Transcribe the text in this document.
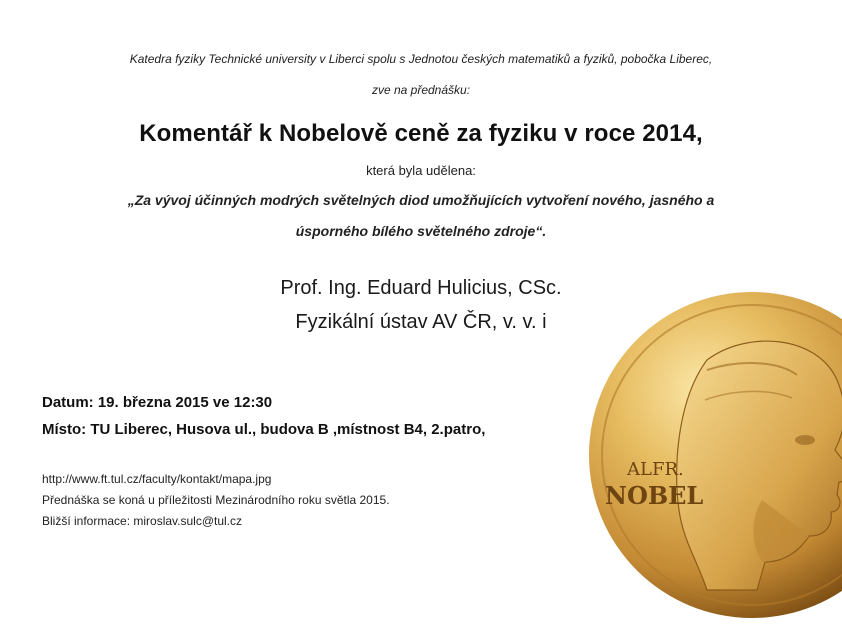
Katedra fyziky Technické university v Liberci spolu s Jednotou českých matematiků a fyziků, pobočka Liberec,
zve na přednášku:
Komentář k Nobelově ceně za fyziku v roce 2014,
která byla udělena:
„Za vývoj účinných modrých světelných diod umožňujících vytvoření nového, jasného a
úsporného bílého světelného zdroje“.
Prof. Ing. Eduard Hulicius, CSc.
Fyzikální ústav AV ČR, v. v. i
Datum: 19. března 2015 ve 12:30
Místo: TU Liberec, Husova ul., budova B ,místnost B4, 2.patro,
http://www.ft.tul.cz/faculty/kontakt/mapa.jpg
Přednáška se koná u příležitosti Mezinárodního roku světla 2015.
Bližší informace: miroslav.sulc@tul.cz
ALFR.
NOBEL
